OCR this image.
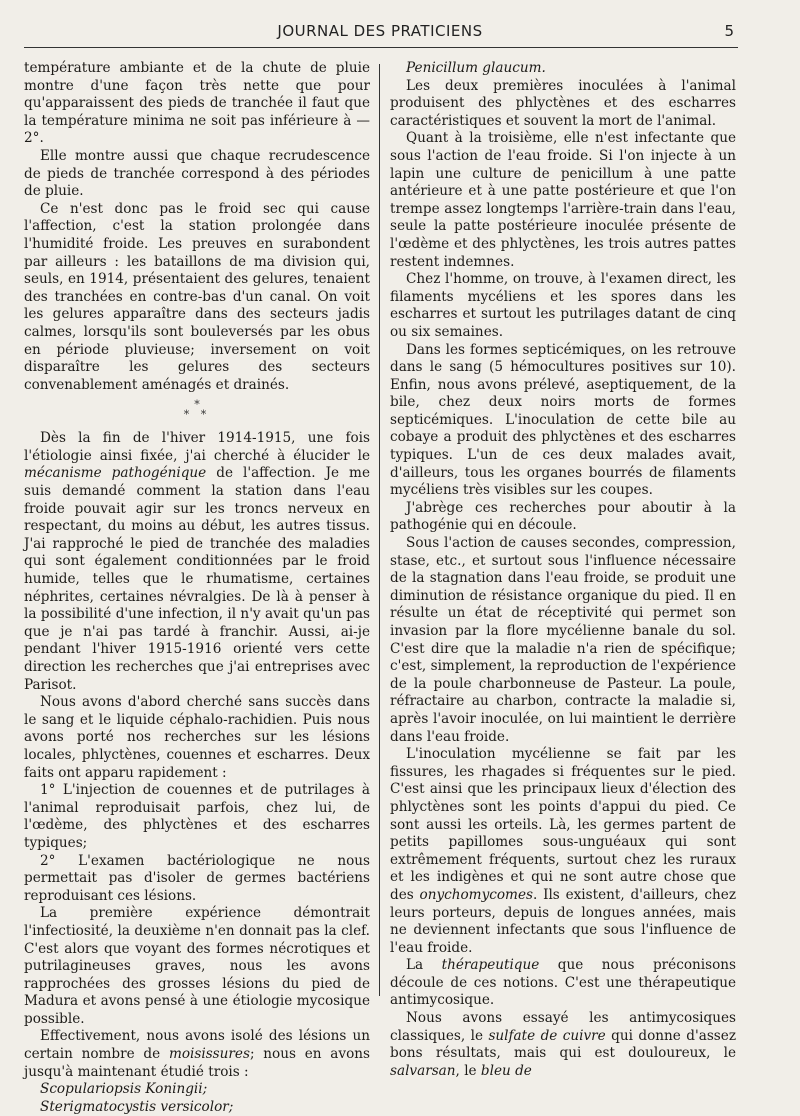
JOURNAL DES PRATICIENS	5

température ambiante et de la chute de pluie montre d'une façon très nette que pour qu'apparaissent des pieds de tranchée il faut que la température minima ne soit pas inférieure à — 2°.

Elle montre aussi que chaque recrudescence de pieds de tranchée correspond à des périodes de pluie.

Ce n'est donc pas le froid sec qui cause l'affection, c'est la station prolongée dans l'humidité froide. Les preuves en surabondent par ailleurs : les bataillons de ma division qui, seuls, en 1914, présentaient des gelures, tenaient des tranchées en contre-bas d'un canal. On voit les gelures apparaître dans des secteurs jadis calmes, lorsqu'ils sont bouleversés par les obus en période pluvieuse; inversement on voit disparaître les gelures des secteurs convenablement aménagés et drainés.

*
* *

Dès la fin de l'hiver 1914-1915, une fois l'étiologie ainsi fixée, j'ai cherché à élucider le mécanisme pathogénique de l'affection. Je me suis demandé comment la station dans l'eau froide pouvait agir sur les troncs nerveux en respectant, du moins au début, les autres tissus. J'ai rapproché le pied de tranchée des maladies qui sont également conditionnées par le froid humide, telles que le rhumatisme, certaines néphrites, certaines névralgies. De là à penser à la possibilité d'une infection, il n'y avait qu'un pas que je n'ai pas tardé à franchir. Aussi, ai-je pendant l'hiver 1915-1916 orienté vers cette direction les recherches que j'ai entreprises avec Parisot.

Nous avons d'abord cherché sans succès dans le sang et le liquide céphalo-rachidien. Puis nous avons porté nos recherches sur les lésions locales, phlyctènes, couennes et escharres. Deux faits ont apparu rapidement :

1° L'injection de couennes et de putrilages à l'animal reproduisait parfois, chez lui, de l'œdème, des phlyctènes et des escharres typiques;

2° L'examen bactériologique ne nous permettait pas d'isoler de germes bactériens reproduisant ces lésions.

La première expérience démontrait l'infectiosité, la deuxième n'en donnait pas la clef. C'est alors que voyant des formes nécrotiques et putrilagineuses graves, nous les avons rapprochées des grosses lésions du pied de Madura et avons pensé à une étiologie mycosique possible.

Effectivement, nous avons isolé des lésions un certain nombre de moisissures; nous en avons jusqu'à maintenant étudié trois :

Scopulariopsis Koningii;

Sterigmatocystis versicolor;

Penicillum glaucum.

Les deux premières inoculées à l'animal produisent des phlyctènes et des escharres caractéristiques et souvent la mort de l'animal.

Quant à la troisième, elle n'est infectante que sous l'action de l'eau froide. Si l'on injecte à un lapin une culture de penicillum à une patte antérieure et à une patte postérieure et que l'on trempe assez longtemps l'arrière-train dans l'eau, seule la patte postérieure inoculée présente de l'œdème et des phlyctènes, les trois autres pattes restent indemnes.

Chez l'homme, on trouve, à l'examen direct, les filaments mycéliens et les spores dans les escharres et surtout les putrilages datant de cinq ou six semaines.

Dans les formes septicémiques, on les retrouve dans le sang (5 hémocultures positives sur 10). Enfin, nous avons prélevé, aseptiquement, de la bile, chez deux noirs morts de formes septicémiques. L'inoculation de cette bile au cobaye a produit des phlyctènes et des escharres typiques. L'un de ces deux malades avait, d'ailleurs, tous les organes bourrés de filaments mycéliens très visibles sur les coupes.

J'abrège ces recherches pour aboutir à la pathogénie qui en découle.

Sous l'action de causes secondes, compression, stase, etc., et surtout sous l'influence nécessaire de la stagnation dans l'eau froide, se produit une diminution de résistance organique du pied. Il en résulte un état de réceptivité qui permet son invasion par la flore mycélienne banale du sol. C'est dire que la maladie n'a rien de spécifique; c'est, simplement, la reproduction de l'expérience de la poule charbonneuse de Pasteur. La poule, réfractaire au charbon, contracte la maladie si, après l'avoir inoculée, on lui maintient le derrière dans l'eau froide.

L'inoculation mycélienne se fait par les fissures, les rhagades si fréquentes sur le pied. C'est ainsi que les principaux lieux d'élection des phlyctènes sont les points d'appui du pied. Ce sont aussi les orteils. Là, les germes partent de petits papillomes sous-unguéaux qui sont extrêmement fréquents, surtout chez les ruraux et les indigènes et qui ne sont autre chose que des onychomycomes. Ils existent, d'ailleurs, chez leurs porteurs, depuis de longues années, mais ne deviennent infectants que sous l'influence de l'eau froide.

La thérapeutique que nous préconisons découle de ces notions. C'est une thérapeutique antimycosique.

Nous avons essayé les antimycosiques classiques, le sulfate de cuivre qui donne d'assez bons résultats, mais qui est douloureux, le salvarsan, le bleu de
